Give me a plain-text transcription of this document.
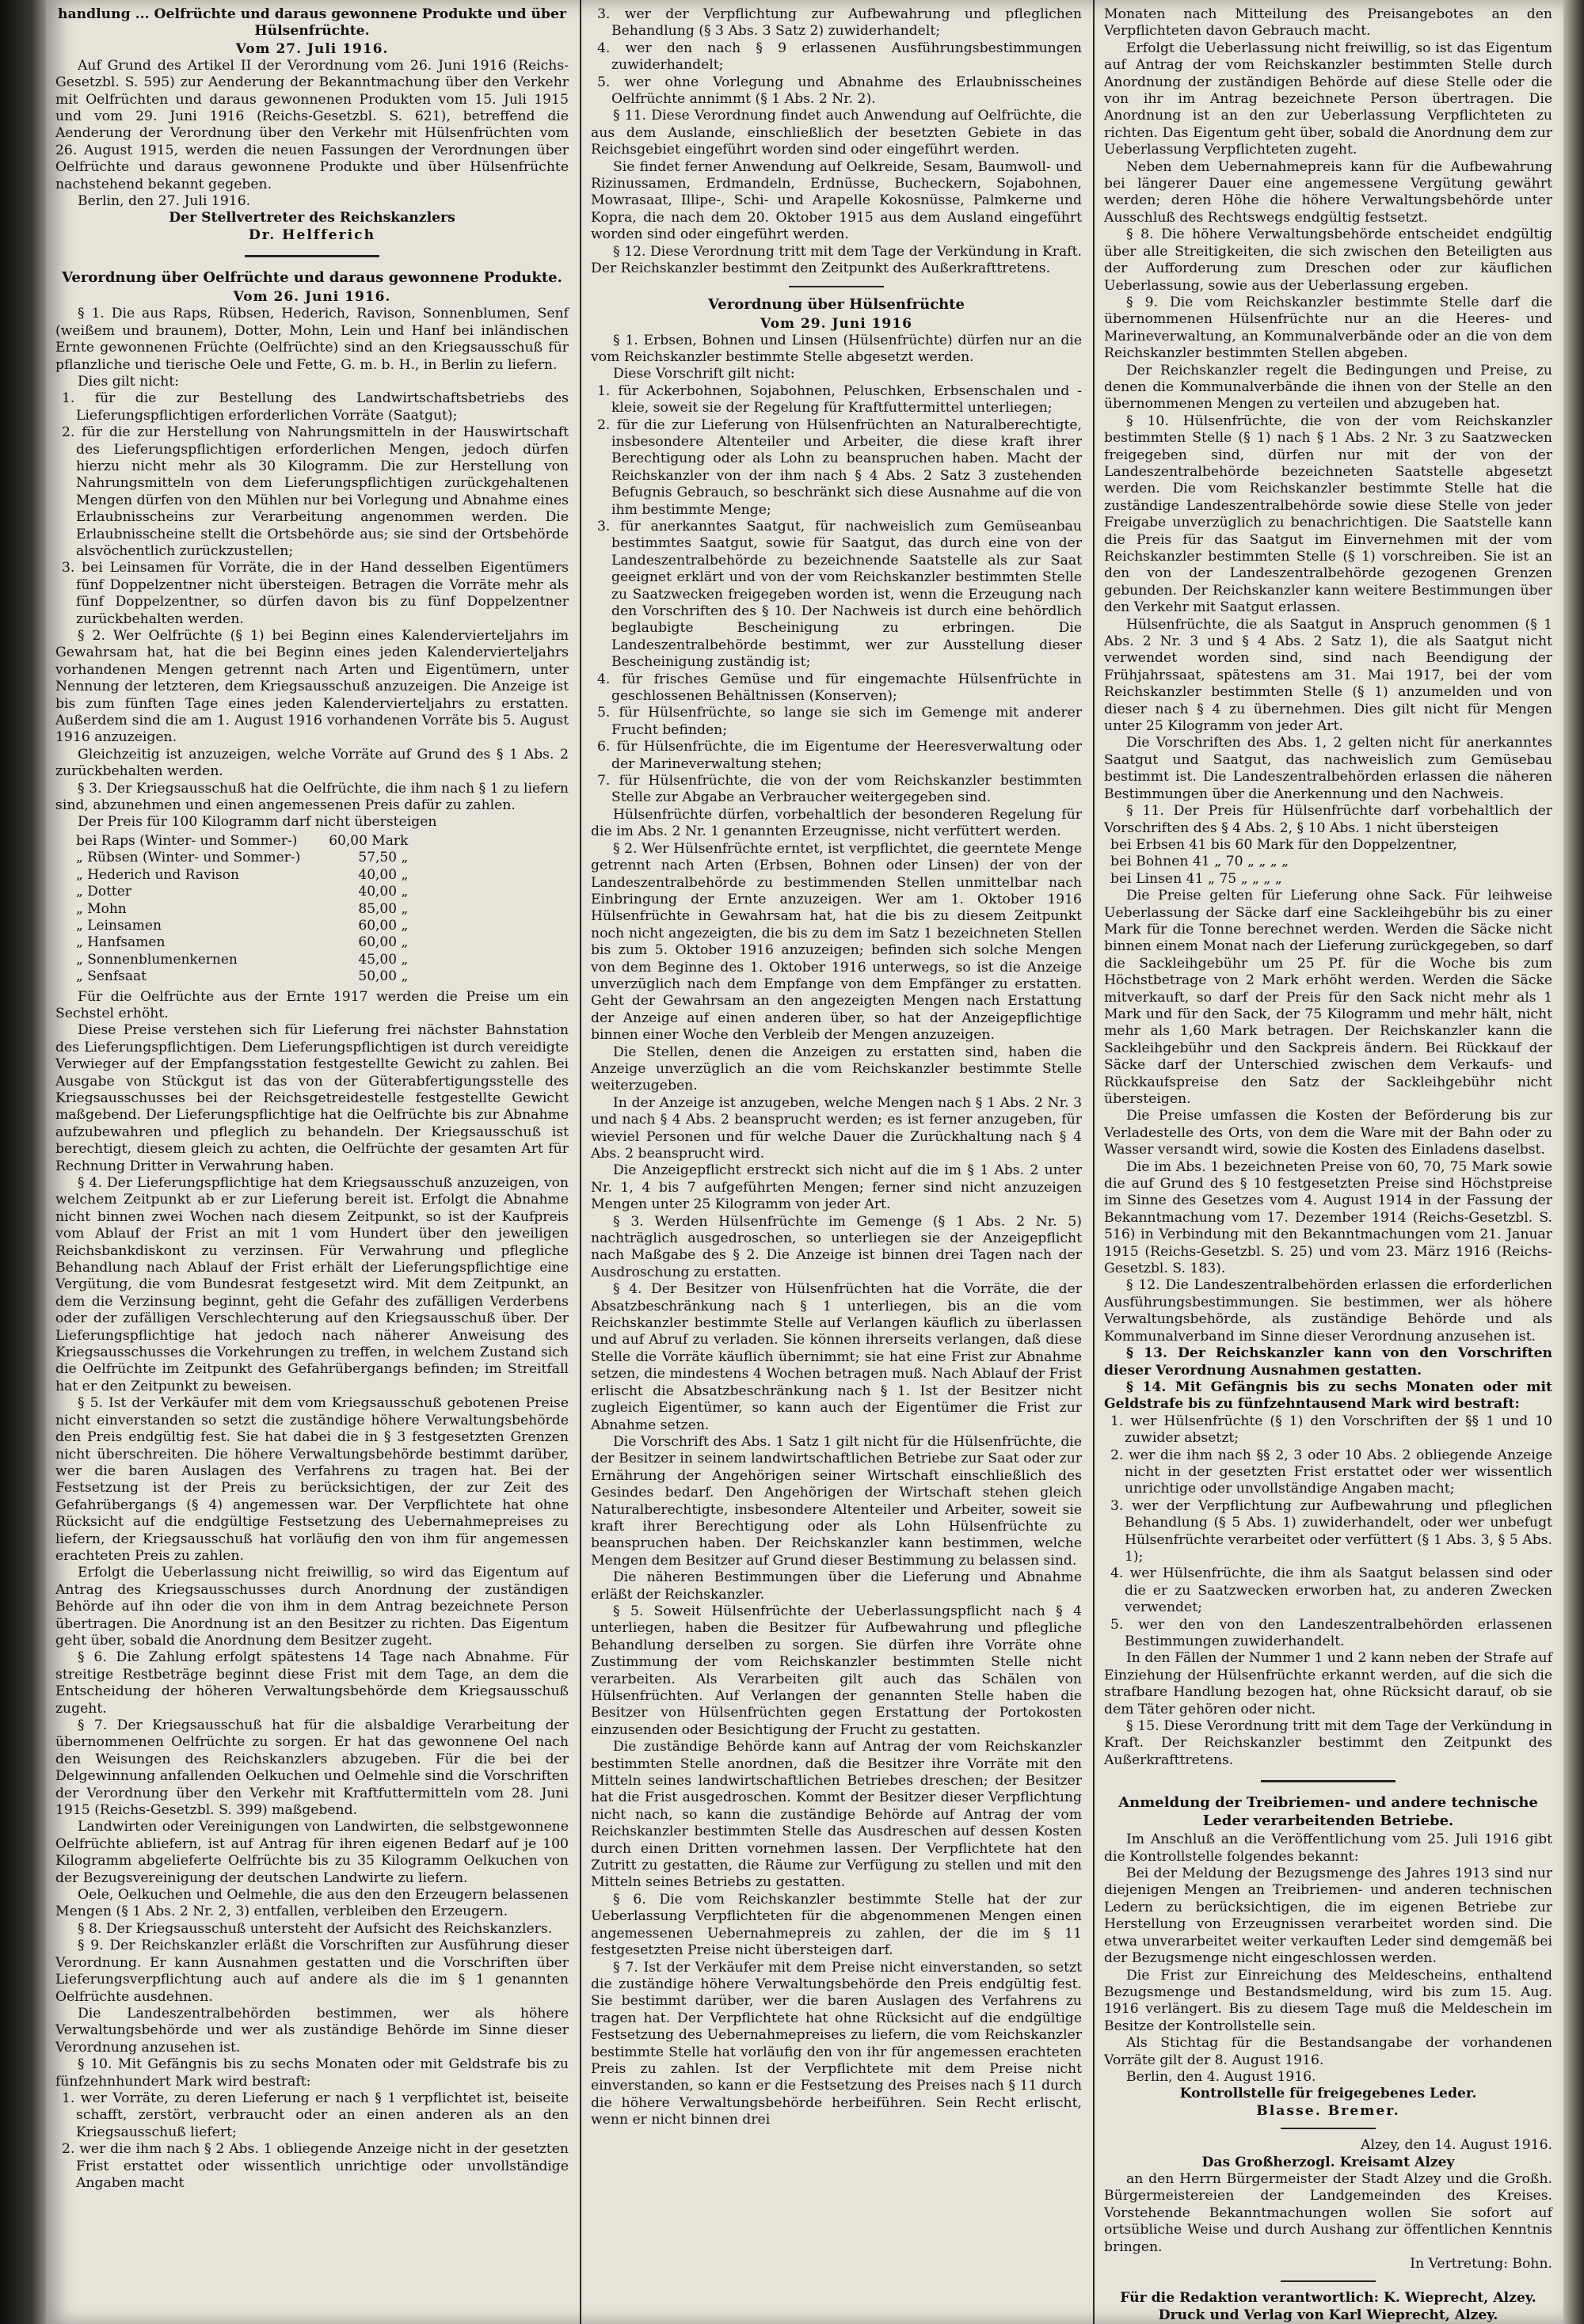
handlung ... Oelfrüchte und daraus gewonnene Produkte und über Hülsenfrüchte.

Vom 27. Juli 1916.

Auf Grund des Artikel II der Verordnung vom 26. Juni 1916 (Reichs-Gesetzbl. S. 595) zur Aenderung der Bekanntmachung über den Verkehr mit Oelfrüchten und daraus gewonnenen Produkten vom 15. Juli 1915 und vom 29. Juni 1916 (Reichs-Gesetzbl. S. 621), betreffend die Aenderung der Verordnung über den Verkehr mit Hülsenfrüchten vom 26. August 1915, werden die neuen Fassungen der Verordnungen über Oelfrüchte und daraus gewonnene Produkte und über Hülsenfrüchte nachstehend bekannt gegeben.

Berlin, den 27. Juli 1916.

Der Stellvertreter des Reichskanzlers

Dr. Helfferich

Verordnung über Oelfrüchte und daraus gewonnene Produkte.

Vom 26. Juni 1916.

§ 1. Die aus Raps, Rübsen, Hederich, Ravison, Sonnenblumen, Senf (weißem und braunem), Dotter, Mohn, Lein und Hanf bei inländischen Ernte gewonnenen Früchte (Oelfrüchte) sind an den Kriegsausschuß für pflanzliche und tierische Oele und Fette, G. m. b. H., in Berlin zu liefern.

Dies gilt nicht:

1. für die zur Bestellung des Landwirtschaftsbetriebs des Lieferungspflichtigen erforderlichen Vorräte (Saatgut);

2. für die zur Herstellung von Nahrungsmitteln in der Hauswirtschaft des Lieferungspflichtigen erforderlichen Mengen, jedoch dürfen hierzu nicht mehr als 30 Kilogramm. Die zur Herstellung von Nahrungsmitteln von dem Lieferungspflichtigen zurückgehaltenen Mengen dürfen von den Mühlen nur bei Vorlegung und Abnahme eines Erlaubnisscheins zur Verarbeitung angenommen werden. Die Erlaubnisscheine stellt die Ortsbehörde aus; sie sind der Ortsbehörde alsvöchentlich zurückzustellen;

3. bei Leinsamen für Vorräte, die in der Hand desselben Eigentümers fünf Doppelzentner nicht übersteigen. Betragen die Vorräte mehr als fünf Doppelzentner, so dürfen davon bis zu fünf Doppelzentner zurückbehalten werden.

§ 2. Wer Oelfrüchte (§ 1) bei Beginn eines Kalendervierteljahrs im Gewahrsam hat, hat die bei Beginn eines jeden Kalendervierteljahrs vorhandenen Mengen getrennt nach Arten und Eigentümern, unter Nennung der letzteren, dem Kriegsausschuß anzuzeigen. Die Anzeige ist bis zum fünften Tage eines jeden Kalendervierteljahrs zu erstatten. Außerdem sind die am 1. August 1916 vorhandenen Vorräte bis 5. August 1916 anzuzeigen.

Gleichzeitig ist anzuzeigen, welche Vorräte auf Grund des § 1 Abs. 2 zurückbehalten werden.

§ 3. Der Kriegsausschuß hat die Oelfrüchte, die ihm nach § 1 zu liefern sind, abzunehmen und einen angemessenen Preis dafür zu zahlen.

Der Preis für 100 Kilogramm darf nicht übersteigen

bei Raps (Winter- und Sommer-)	60,00 Mark
„ Rübsen (Winter- und Sommer-)	57,50 „
„ Hederich und Ravison	40,00 „
„ Dotter	40,00 „
„ Mohn	85,00 „
„ Leinsamen	60,00 „
„ Hanfsamen	60,00 „
„ Sonnenblumenkernen	45,00 „
„ Senfsaat	50,00 „

Für die Oelfrüchte aus der Ernte 1917 werden die Preise um ein Sechstel erhöht.

Diese Preise verstehen sich für Lieferung frei nächster Bahnstation des Lieferungspflichtigen. Dem Lieferungspflichtigen ist durch vereidigte Verwieger auf der Empfangsstation festgestellte Gewicht zu zahlen. Bei Ausgabe von Stückgut ist das von der Güterabfertigungsstelle des Kriegsausschusses bei der Reichsgetreidestelle festgestellte Gewicht maßgebend. Der Lieferungspflichtige hat die Oelfrüchte bis zur Abnahme aufzubewahren und pfleglich zu behandeln. Der Kriegsausschuß ist berechtigt, diesem gleich zu achten, die Oelfrüchte der gesamten Art für Rechnung Dritter in Verwahrung haben.

§ 4. Der Lieferungspflichtige hat dem Kriegsausschuß anzuzeigen, von welchem Zeitpunkt ab er zur Lieferung bereit ist. Erfolgt die Abnahme nicht binnen zwei Wochen nach diesem Zeitpunkt, so ist der Kaufpreis vom Ablauf der Frist an mit 1 vom Hundert über den jeweiligen Reichsbankdiskont zu verzinsen. Für Verwahrung und pflegliche Behandlung nach Ablauf der Frist erhält der Lieferungspflichtige eine Vergütung, die vom Bundesrat festgesetzt wird. Mit dem Zeitpunkt, an dem die Verzinsung beginnt, geht die Gefahr des zufälligen Verderbens oder der zufälligen Verschlechterung auf den Kriegsausschuß über. Der Lieferungspflichtige hat jedoch nach näherer Anweisung des Kriegsausschusses die Vorkehrungen zu treffen, in welchem Zustand sich die Oelfrüchte im Zeitpunkt des Gefahrübergangs befinden; im Streitfall hat er den Zeitpunkt zu beweisen.

§ 5. Ist der Verkäufer mit dem vom Kriegsausschuß gebotenen Preise nicht einverstanden so setzt die zuständige höhere Verwaltungsbehörde den Preis endgültig fest. Sie hat dabei die in § 3 festgesetzten Grenzen nicht überschreiten. Die höhere Verwaltungsbehörde bestimmt darüber, wer die baren Auslagen des Verfahrens zu tragen hat. Bei der Festsetzung ist der Preis zu berücksichtigen, der zur Zeit des Gefahrübergangs (§ 4) angemessen war. Der Verpflichtete hat ohne Rücksicht auf die endgültige Festsetzung des Uebernahmepreises zu liefern, der Kriegsausschuß hat vorläufig den von ihm für angemessen erachteten Preis zu zahlen.

Erfolgt die Ueberlassung nicht freiwillig, so wird das Eigentum auf Antrag des Kriegsausschusses durch Anordnung der zuständigen Behörde auf ihn oder die von ihm in dem Antrag bezeichnete Person übertragen. Die Anordnung ist an den Besitzer zu richten. Das Eigentum geht über, sobald die Anordnung dem Besitzer zugeht.

§ 6. Die Zahlung erfolgt spätestens 14 Tage nach Abnahme. Für streitige Restbeträge beginnt diese Frist mit dem Tage, an dem die Entscheidung der höheren Verwaltungsbehörde dem Kriegsausschuß zugeht.

§ 7. Der Kriegsausschuß hat für die alsbaldige Verarbeitung der übernommenen Oelfrüchte zu sorgen. Er hat das gewonnene Oel nach den Weisungen des Reichskanzlers abzugeben. Für die bei der Delgewinnung anfallenden Oelkuchen und Oelmehle sind die Vorschriften der Verordnung über den Verkehr mit Kraftfuttermitteln vom 28. Juni 1915 (Reichs-Gesetzbl. S. 399) maßgebend.

Landwirten oder Vereinigungen von Landwirten, die selbstgewonnene Oelfrüchte abliefern, ist auf Antrag für ihren eigenen Bedarf auf je 100 Kilogramm abgelieferte Oelfrüchte bis zu 35 Kilogramm Oelkuchen von der Bezugsvereinigung der deutschen Landwirte zu liefern.

Oele, Oelkuchen und Oelmehle, die aus den den Erzeugern belassenen Mengen (§ 1 Abs. 2 Nr. 2, 3) entfallen, verbleiben den Erzeugern.

§ 8. Der Kriegsausschuß untersteht der Aufsicht des Reichskanzlers.

§ 9. Der Reichskanzler erläßt die Vorschriften zur Ausführung dieser Verordnung. Er kann Ausnahmen gestatten und die Vorschriften über Lieferungsverpflichtung auch auf andere als die im § 1 genannten Oelfrüchte ausdehnen.

Die Landeszentralbehörden bestimmen, wer als höhere Verwaltungsbehörde und wer als zuständige Behörde im Sinne dieser Verordnung anzusehen ist.

§ 10. Mit Gefängnis bis zu sechs Monaten oder mit Geldstrafe bis zu fünfzehnhundert Mark wird bestraft:

1. wer Vorräte, zu deren Lieferung er nach § 1 verpflichtet ist, beiseite schafft, zerstört, verbraucht oder an einen anderen als an den Kriegsausschuß liefert;

2. wer die ihm nach § 2 Abs. 1 obliegende Anzeige nicht in der gesetzten Frist erstattet oder wissentlich unrichtige oder unvollständige Angaben macht

3. wer der Verpflichtung zur Aufbewahrung und pfleglichen Behandlung (§ 3 Abs. 3 Satz 2) zuwiderhandelt;

4. wer den nach § 9 erlassenen Ausführungsbestimmungen zuwiderhandelt;

5. wer ohne Vorlegung und Abnahme des Erlaubnisscheines Oelfrüchte annimmt (§ 1 Abs. 2 Nr. 2).

§ 11. Diese Verordnung findet auch Anwendung auf Oelfrüchte, die aus dem Auslande, einschließlich der besetzten Gebiete in das Reichsgebiet eingeführt worden sind oder eingeführt werden.

Sie findet ferner Anwendung auf Oelkreide, Sesam, Baumwoll- und Rizinussamen, Erdmandeln, Erdnüsse, Bucheckern, Sojabohnen, Mowrasaat, Illipe-, Schi- und Arapelle Kokosnüsse, Palmkerne und Kopra, die nach dem 20. Oktober 1915 aus dem Ausland eingeführt worden sind oder eingeführt werden.

§ 12. Diese Verordnung tritt mit dem Tage der Verkündung in Kraft. Der Reichskanzler bestimmt den Zeitpunkt des Außerkrafttretens.

Verordnung über Hülsenfrüchte

Vom 29. Juni 1916

§ 1. Erbsen, Bohnen und Linsen (Hülsenfrüchte) dürfen nur an die vom Reichskanzler bestimmte Stelle abgesetzt werden.

Diese Vorschrift gilt nicht:

1. für Ackerbohnen, Sojabohnen, Peluschken, Erbsenschalen und -kleie, soweit sie der Regelung für Kraftfuttermittel unterliegen;

2. für die zur Lieferung von Hülsenfrüchten an Naturalberechtigte, insbesondere Altenteiler und Arbeiter, die diese kraft ihrer Berechtigung oder als Lohn zu beanspruchen haben. Macht der Reichskanzler von der ihm nach § 4 Abs. 2 Satz 3 zustehenden Befugnis Gebrauch, so beschränkt sich diese Ausnahme auf die von ihm bestimmte Menge;

3. für anerkanntes Saatgut, für nachweislich zum Gemüseanbau bestimmtes Saatgut, sowie für Saatgut, das durch eine von der Landeszentralbehörde zu bezeichnende Saatstelle als zur Saat geeignet erklärt und von der vom Reichskanzler bestimmten Stelle zu Saatzwecken freigegeben worden ist, wenn die Erzeugung nach den Vorschriften des § 10. Der Nachweis ist durch eine behördlich beglaubigte Bescheinigung zu erbringen. Die Landeszentralbehörde bestimmt, wer zur Ausstellung dieser Bescheinigung zuständig ist;

4. für frisches Gemüse und für eingemachte Hülsenfrüchte in geschlossenen Behältnissen (Konserven);

5. für Hülsenfrüchte, so lange sie sich im Gemenge mit anderer Frucht befinden;

6. für Hülsenfrüchte, die im Eigentume der Heeresverwaltung oder der Marineverwaltung stehen;

7. für Hülsenfrüchte, die von der vom Reichskanzler bestimmten Stelle zur Abgabe an Verbraucher weitergegeben sind.

Hülsenfrüchte dürfen, vorbehaltlich der besonderen Regelung für die im Abs. 2 Nr. 1 genannten Erzeugnisse, nicht verfüttert werden.

§ 2. Wer Hülsenfrüchte erntet, ist verpflichtet, die geerntete Menge getrennt nach Arten (Erbsen, Bohnen oder Linsen) der von der Landeszentralbehörde zu bestimmenden Stellen unmittelbar nach Einbringung der Ernte anzuzeigen. Wer am 1. Oktober 1916 Hülsenfrüchte in Gewahrsam hat, hat die bis zu diesem Zeitpunkt noch nicht angezeigten, die bis zu dem im Satz 1 bezeichneten Stellen bis zum 5. Oktober 1916 anzuzeigen; befinden sich solche Mengen von dem Beginne des 1. Oktober 1916 unterwegs, so ist die Anzeige unverzüglich nach dem Empfange von dem Empfänger zu erstatten. Geht der Gewahrsam an den angezeigten Mengen nach Erstattung der Anzeige auf einen anderen über, so hat der Anzeigepflichtige binnen einer Woche den Verbleib der Mengen anzuzeigen.

Die Stellen, denen die Anzeigen zu erstatten sind, haben die Anzeige unverzüglich an die vom Reichskanzler bestimmte Stelle weiterzugeben.

In der Anzeige ist anzugeben, welche Mengen nach § 1 Abs. 2 Nr. 3 und nach § 4 Abs. 2 beansprucht werden; es ist ferner anzugeben, für wieviel Personen und für welche Dauer die Zurückhaltung nach § 4 Abs. 2 beansprucht wird.

Die Anzeigepflicht erstreckt sich nicht auf die im § 1 Abs. 2 unter Nr. 1, 4 bis 7 aufgeführten Mengen; ferner sind nicht anzuzeigen Mengen unter 25 Kilogramm von jeder Art.

§ 3. Werden Hülsenfrüchte im Gemenge (§ 1 Abs. 2 Nr. 5) nachträglich ausgedroschen, so unterliegen sie der Anzeigepflicht nach Maßgabe des § 2. Die Anzeige ist binnen drei Tagen nach der Ausdroschung zu erstatten.

§ 4. Der Besitzer von Hülsenfrüchten hat die Vorräte, die der Absatzbeschränkung nach § 1 unterliegen, bis an die vom Reichskanzler bestimmte Stelle auf Verlangen käuflich zu überlassen und auf Abruf zu verladen. Sie können ihrerseits verlangen, daß diese Stelle die Vorräte käuflich übernimmt; sie hat eine Frist zur Abnahme setzen, die mindestens 4 Wochen betragen muß. Nach Ablauf der Frist erlischt die Absatzbeschränkung nach § 1. Ist der Besitzer nicht zugleich Eigentümer, so kann auch der Eigentümer die Frist zur Abnahme setzen.

Die Vorschrift des Abs. 1 Satz 1 gilt nicht für die Hülsenfrüchte, die der Besitzer in seinem landwirtschaftlichen Betriebe zur Saat oder zur Ernährung der Angehörigen seiner Wirtschaft einschließlich des Gesindes bedarf. Den Angehörigen der Wirtschaft stehen gleich Naturalberechtigte, insbesondere Altenteiler und Arbeiter, soweit sie kraft ihrer Berechtigung oder als Lohn Hülsenfrüchte zu beanspruchen haben. Der Reichskanzler kann bestimmen, welche Mengen dem Besitzer auf Grund dieser Bestimmung zu belassen sind.

Die näheren Bestimmungen über die Lieferung und Abnahme erläßt der Reichskanzler.

§ 5. Soweit Hülsenfrüchte der Ueberlassungspflicht nach § 4 unterliegen, haben die Besitzer für Aufbewahrung und pflegliche Behandlung derselben zu sorgen. Sie dürfen ihre Vorräte ohne Zustimmung der vom Reichskanzler bestimmten Stelle nicht verarbeiten. Als Verarbeiten gilt auch das Schälen von Hülsenfrüchten. Auf Verlangen der genannten Stelle haben die Besitzer von Hülsenfrüchten gegen Erstattung der Portokosten einzusenden oder Besichtigung der Frucht zu gestatten.

Die zuständige Behörde kann auf Antrag der vom Reichskanzler bestimmten Stelle anordnen, daß die Besitzer ihre Vorräte mit den Mitteln seines landwirtschaftlichen Betriebes dreschen; der Besitzer hat die Frist ausgedroschen. Kommt der Besitzer dieser Verpflichtung nicht nach, so kann die zuständige Behörde auf Antrag der vom Reichskanzler bestimmten Stelle das Ausdreschen auf dessen Kosten durch einen Dritten vornehmen lassen. Der Verpflichtete hat den Zutritt zu gestatten, die Räume zur Verfügung zu stellen und mit den Mitteln seines Betriebs zu gestatten.

§ 6. Die vom Reichskanzler bestimmte Stelle hat der zur Ueberlassung Verpflichteten für die abgenommenen Mengen einen angemessenen Uebernahmepreis zu zahlen, der die im § 11 festgesetzten Preise nicht übersteigen darf.

§ 7. Ist der Verkäufer mit dem Preise nicht einverstanden, so setzt die zuständige höhere Verwaltungsbehörde den Preis endgültig fest. Sie bestimmt darüber, wer die baren Auslagen des Verfahrens zu tragen hat. Der Verpflichtete hat ohne Rücksicht auf die endgültige Festsetzung des Uebernahmepreises zu liefern, die vom Reichskanzler bestimmte Stelle hat vorläufig den von ihr für angemessen erachteten Preis zu zahlen. Ist der Verpflichtete mit dem Preise nicht einverstanden, so kann er die Festsetzung des Preises nach § 11 durch die höhere Verwaltungsbehörde herbeiführen. Sein Recht erlischt, wenn er nicht binnen drei

Monaten nach Mitteilung des Preisangebotes an den Verpflichteten davon Gebrauch macht.

Erfolgt die Ueberlassung nicht freiwillig, so ist das Eigentum auf Antrag der vom Reichskanzler bestimmten Stelle durch Anordnung der zuständigen Behörde auf diese Stelle oder die von ihr im Antrag bezeichnete Person übertragen. Die Anordnung ist an den zur Ueberlassung Verpflichteten zu richten. Das Eigentum geht über, sobald die Anordnung dem zur Ueberlassung Verpflichteten zugeht.

Neben dem Uebernahmepreis kann für die Aufbewahrung bei längerer Dauer eine angemessene Vergütung gewährt werden; deren Höhe die höhere Verwaltungsbehörde unter Ausschluß des Rechtswegs endgültig festsetzt.

§ 8. Die höhere Verwaltungsbehörde entscheidet endgültig über alle Streitigkeiten, die sich zwischen den Beteiligten aus der Aufforderung zum Dreschen oder zur käuflichen Ueberlassung, sowie aus der Ueberlassung ergeben.

§ 9. Die vom Reichskanzler bestimmte Stelle darf die übernommenen Hülsenfrüchte nur an die Heeres- und Marineverwaltung, an Kommunalverbände oder an die von dem Reichskanzler bestimmten Stellen abgeben.

Der Reichskanzler regelt die Bedingungen und Preise, zu denen die Kommunalverbände die ihnen von der Stelle an den übernommenen Mengen zu verteilen und abzugeben hat.

§ 10. Hülsenfrüchte, die von der vom Reichskanzler bestimmten Stelle (§ 1) nach § 1 Abs. 2 Nr. 3 zu Saatzwecken freigegeben sind, dürfen nur mit der von der Landeszentralbehörde bezeichneten Saatstelle abgesetzt werden. Die vom Reichskanzler bestimmte Stelle hat die zuständige Landeszentralbehörde sowie diese Stelle von jeder Freigabe unverzüglich zu benachrichtigen. Die Saatstelle kann die Preis für das Saatgut im Einvernehmen mit der vom Reichskanzler bestimmten Stelle (§ 1) vorschreiben. Sie ist an den von der Landeszentralbehörde gezogenen Grenzen gebunden. Der Reichskanzler kann weitere Bestimmungen über den Verkehr mit Saatgut erlassen.

Hülsenfrüchte, die als Saatgut in Anspruch genommen (§ 1 Abs. 2 Nr. 3 und § 4 Abs. 2 Satz 1), die als Saatgut nicht verwendet worden sind, sind nach Beendigung der Frühjahrssaat, spätestens am 31. Mai 1917, bei der vom Reichskanzler bestimmten Stelle (§ 1) anzumelden und von dieser nach § 4 zu übernehmen. Dies gilt nicht für Mengen unter 25 Kilogramm von jeder Art.

Die Vorschriften des Abs. 1, 2 gelten nicht für anerkanntes Saatgut und Saatgut, das nachweislich zum Gemüsebau bestimmt ist. Die Landeszentralbehörden erlassen die näheren Bestimmungen über die Anerkennung und den Nachweis.

§ 11. Der Preis für Hülsenfrüchte darf vorbehaltlich der Vorschriften des § 4 Abs. 2, § 10 Abs. 1 nicht übersteigen

bei Erbsen 41 bis 60 Mark für den Doppelzentner,

bei Bohnen 41 „ 70 „ „ „ „

bei Linsen 41 „ 75 „ „ „ „

Die Preise gelten für Lieferung ohne Sack. Für leihweise Ueberlassung der Säcke darf eine Sackleihgebühr bis zu einer Mark für die Tonne berechnet werden. Werden die Säcke nicht binnen einem Monat nach der Lieferung zurückgegeben, so darf die Sackleihgebühr um 25 Pf. für die Woche bis zum Höchstbetrage von 2 Mark erhöht werden. Werden die Säcke mitverkauft, so darf der Preis für den Sack nicht mehr als 1 Mark und für den Sack, der 75 Kilogramm und mehr hält, nicht mehr als 1,60 Mark betragen. Der Reichskanzler kann die Sackleihgebühr und den Sackpreis ändern. Bei Rückkauf der Säcke darf der Unterschied zwischen dem Verkaufs- und Rückkaufspreise den Satz der Sackleihgebühr nicht übersteigen.

Die Preise umfassen die Kosten der Beförderung bis zur Verladestelle des Orts, von dem die Ware mit der Bahn oder zu Wasser versandt wird, sowie die Kosten des Einladens daselbst.

Die im Abs. 1 bezeichneten Preise von 60, 70, 75 Mark sowie die auf Grund des § 10 festgesetzten Preise sind Höchstpreise im Sinne des Gesetzes vom 4. August 1914 in der Fassung der Bekanntmachung vom 17. Dezember 1914 (Reichs-Gesetzbl. S. 516) in Verbindung mit den Bekanntmachungen vom 21. Januar 1915 (Reichs-Gesetzbl. S. 25) und vom 23. März 1916 (Reichs-Gesetzbl. S. 183).

§ 12. Die Landeszentralbehörden erlassen die erforderlichen Ausführungsbestimmungen. Sie bestimmen, wer als höhere Verwaltungsbehörde, als zuständige Behörde und als Kommunalverband im Sinne dieser Verordnung anzusehen ist.

§ 13. Der Reichskanzler kann von den Vorschriften dieser Verordnung Ausnahmen gestatten.

§ 14. Mit Gefängnis bis zu sechs Monaten oder mit Geldstrafe bis zu fünfzehntausend Mark wird bestraft:

1. wer Hülsenfrüchte (§ 1) den Vorschriften der §§ 1 und 10 zuwider absetzt;

2. wer die ihm nach §§ 2, 3 oder 10 Abs. 2 obliegende Anzeige nicht in der gesetzten Frist erstattet oder wer wissentlich unrichtige oder unvollständige Angaben macht;

3. wer der Verpflichtung zur Aufbewahrung und pfleglichen Behandlung (§ 5 Abs. 1) zuwiderhandelt, oder wer unbefugt Hülsenfrüchte verarbeitet oder verfüttert (§ 1 Abs. 3, § 5 Abs. 1);

4. wer Hülsenfrüchte, die ihm als Saatgut belassen sind oder die er zu Saatzwecken erworben hat, zu anderen Zwecken verwendet;

5. wer den von den Landeszentralbehörden erlassenen Bestimmungen zuwiderhandelt.

In den Fällen der Nummer 1 und 2 kann neben der Strafe auf Einziehung der Hülsenfrüchte erkannt werden, auf die sich die strafbare Handlung bezogen hat, ohne Rücksicht darauf, ob sie dem Täter gehören oder nicht.

§ 15. Diese Verordnung tritt mit dem Tage der Verkündung in Kraft. Der Reichskanzler bestimmt den Zeitpunkt des Außerkrafttretens.

Anmeldung der Treibriemen- und andere technische Leder verarbeitenden Betriebe.

Im Anschluß an die Veröffentlichung vom 25. Juli 1916 gibt die Kontrollstelle folgendes bekannt:

Bei der Meldung der Bezugsmenge des Jahres 1913 sind nur diejenigen Mengen an Treibriemen- und anderen technischen Ledern zu berücksichtigen, die im eigenen Betriebe zur Herstellung von Erzeugnissen verarbeitet worden sind. Die etwa unverarbeitet weiter verkauften Leder sind demgemäß bei der Bezugsmenge nicht eingeschlossen werden.

Die Frist zur Einreichung des Meldescheins, enthaltend Bezugsmenge und Bestandsmeldung, wird bis zum 15. Aug. 1916 verlängert. Bis zu diesem Tage muß die Meldeschein im Besitze der Kontrollstelle sein.

Als Stichtag für die Bestandsangabe der vorhandenen Vorräte gilt der 8. August 1916.

Berlin, den 4. August 1916.

Kontrollstelle für freigegebenes Leder.

Blasse. Bremer.

Alzey, den 14. August 1916.

Das Großherzogl. Kreisamt Alzey

an den Herrn Bürgermeister der Stadt Alzey und die Großh. Bürgermeistereien der Landgemeinden des Kreises. Vorstehende Bekanntmachungen wollen Sie sofort auf ortsübliche Weise und durch Aushang zur öffentlichen Kenntnis bringen.

In Vertretung: Bohn.

Für die Redaktion verantwortlich: K. Wieprecht, Alzey.

Druck und Verlag von Karl Wieprecht, Alzey.
